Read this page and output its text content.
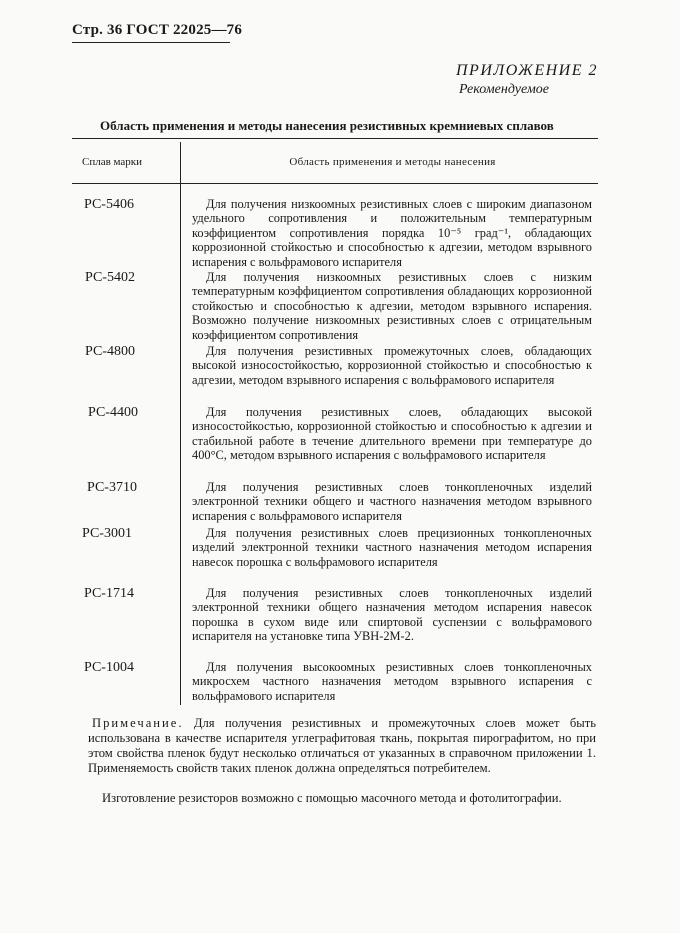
Стр. 36 ГОСТ 22025—76
ПРИЛОЖЕНИЕ 2
Рекомендуемое
Область применения и методы нанесения резистивных кремниевых сплавов
Сплав марки	Область применения и методы нанесения
РС-5406	Для получения низкоомных резистивных слоев с широким диапазоном удельного сопротивления и положительным температурным коэффициентом сопротивления порядка 10⁻⁵ град⁻¹, обладающих коррозионной стойкостью и способностью к адгезии, методом взрывного испарения с вольфрамового испарителя
РС-5402	Для получения низкоомных резистивных слоев с низким температурным коэффициентом сопротивления обладающих коррозионной стойкостью и способностью к адгезии, методом взрывного испарения. Возможно получение низкоомных резистивных слоев с отрицательным коэффициентом сопротивления
РС-4800	Для получения резистивных промежуточных слоев, обладающих высокой износостойкостью, коррозионной стойкостью и способностью к адгезии, методом взрывного испарения с вольфрамового испарителя
РС-4400	Для получения резистивных слоев, обладающих высокой износостойкостью, коррозионной стойкостью и способностью к адгезии и стабильной работе в течение длительного времени при температуре до 400°С, методом взрывного испарения с вольфрамового испарителя
РС-3710	Для получения резистивных слоев тонкопленочных изделий электронной техники общего и частного назначения методом взрывного испарения с вольфрамового испарителя
РС-3001	Для получения резистивных слоев прецизионных тонкопленочных изделий электронной техники частного назначения методом испарения навесок порошка с вольфрамового испарителя
РС-1714	Для получения резистивных слоев тонкопленочных изделий электронной техники общего назначения методом испарения навесок порошка в сухом виде или спиртовой суспензии с вольфрамового испарителя на установке типа УВН-2М-2.
РС-1004	Для получения высокоомных резистивных слоев тонкопленочных микросхем частного назначения методом взрывного испарения с вольфрамового испарителя
Примечание. Для получения резистивных и промежуточных слоев может быть использована в качестве испарителя углеграфитовая ткань, покрытая пирографитом, но при этом свойства пленок будут несколько отличаться от указанных в справочном приложении 1. Применяемость свойств таких пленок должна определяться потребителем.
Изготовление резисторов возможно с помощью масочного метода и фотолитографии.
